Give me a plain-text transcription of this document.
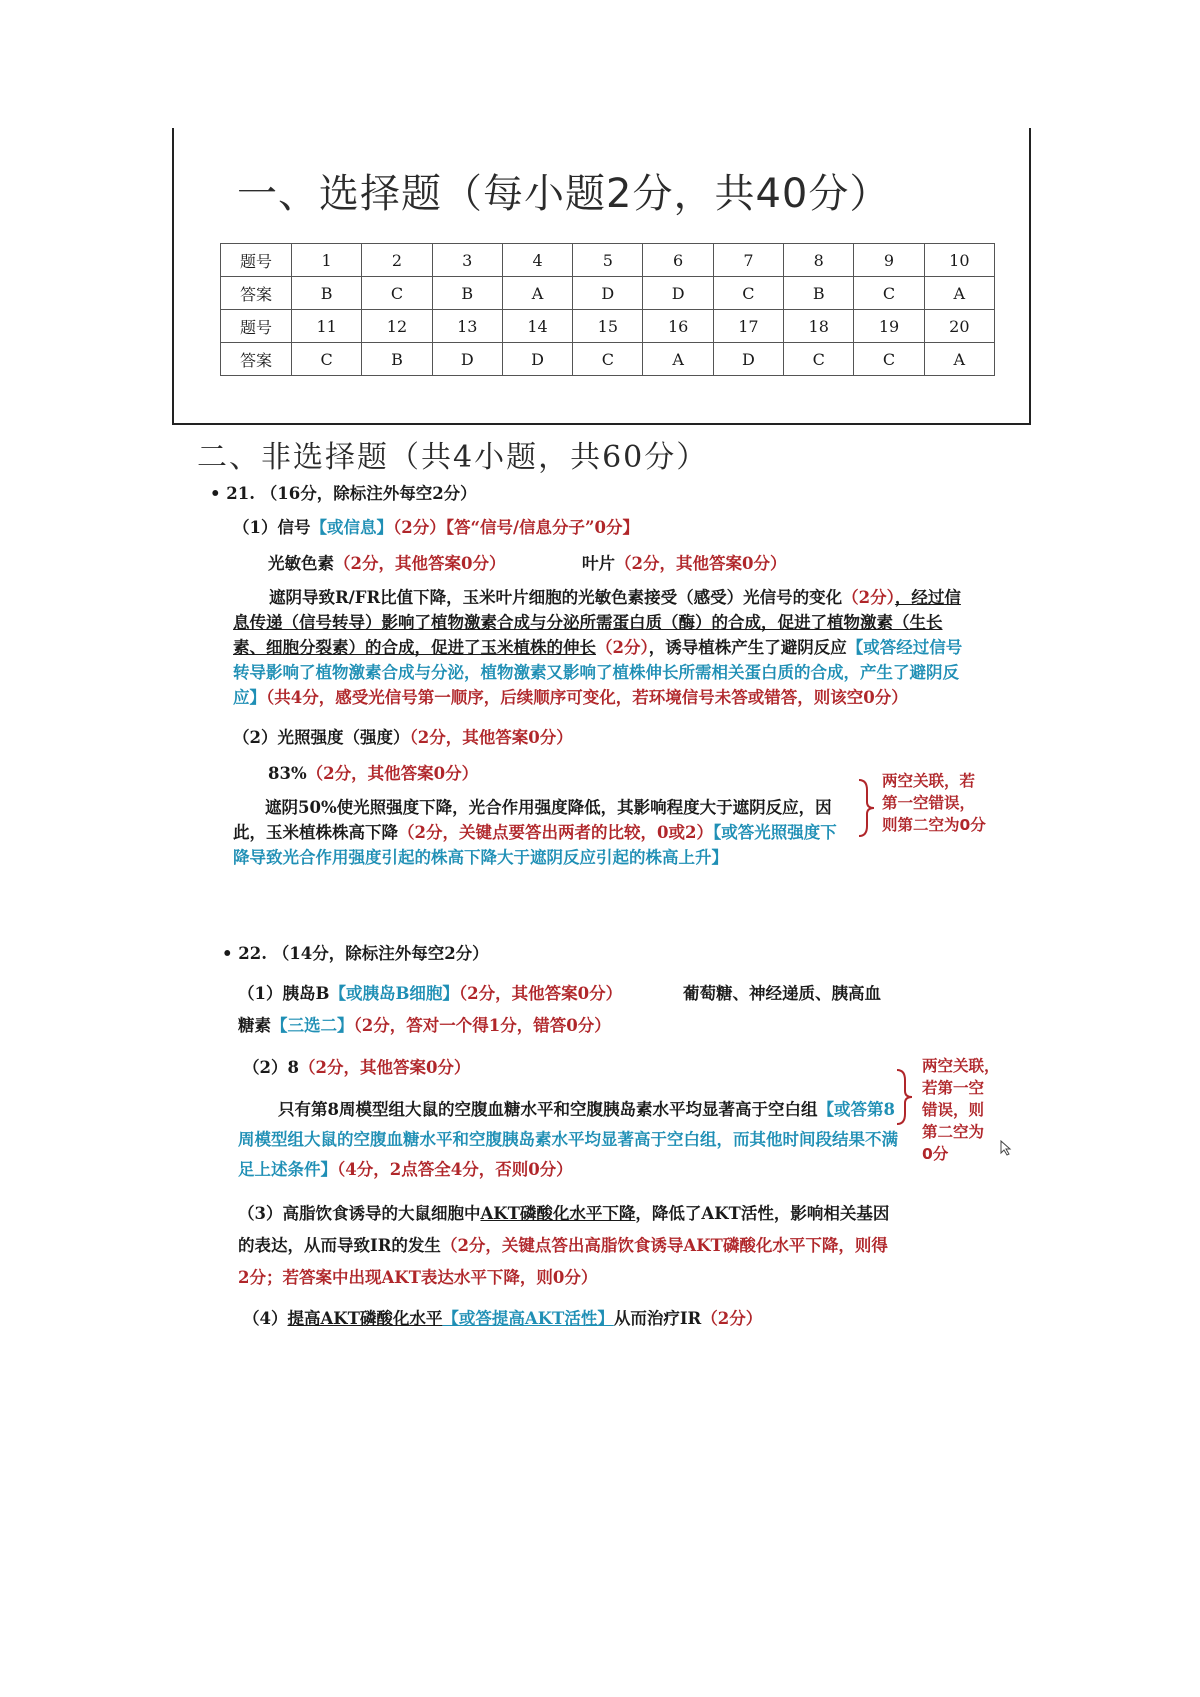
一、选择题（每小题2分，共40分）
题号	1	2	3	4	5	6	7	8	9	10
答案	B	C	B	A	D	D	C	B	C	A
题号	11	12	13	14	15	16	17	18	19	20
答案	C	B	D	D	C	A	D	C	C	A
二、非选择题（共4小题，共60分）
• 21. （16分，除标注外每空2分）
（1）信号【或信息】（2分）【答“信号/信息分子”0分】
光敏色素（2分，其他答案0分）	叶片（2分，其他答案0分）
遮阴导致R/FR比值下降，玉米叶片细胞的光敏色素接受（感受）光信号的变化（2分），经过信息传递（信号转导）影响了植物激素合成与分泌所需蛋白质（酶）的合成，促进了植物激素（生长素、细胞分裂素）的合成，促进了玉米植株的伸长（2分），诱导植株产生了避阴反应【或答经过信号转导影响了植物激素合成与分泌，植物激素又影响了植株伸长所需相关蛋白质的合成，产生了避阴反应】（共4分，感受光信号第一顺序，后续顺序可变化，若环境信号未答或错答，则该空0分）
（2）光照强度（强度）（2分，其他答案0分）
83%（2分，其他答案0分）
遮阴50%使光照强度下降，光合作用强度降低，其影响程度大于遮阴反应，因此，玉米植株株高下降（2分，关键点要答出两者的比较，0或2）【或答光照强度下降导致光合作用强度引起的株高下降大于遮阴反应引起的株高上升】
两空关联，若
第一空错误，
则第二空为0分
• 22. （14分，除标注外每空2分）
（1）胰岛B【或胰岛B细胞】（2分，其他答案0分）	葡萄糖、神经递质、胰高血
糖素【三选二】（2分，答对一个得1分，错答0分）
（2）8（2分，其他答案0分）
只有第8周模型组大鼠的空腹血糖水平和空腹胰岛素水平均显著高于空白组【或答第8周模型组大鼠的空腹血糖水平和空腹胰岛素水平均显著高于空白组，而其他时间段结果不满足上述条件】（4分，2点答全4分，否则0分）
两空关联，
若第一空
错误，则
第二空为
0分
（3）高脂饮食诱导的大鼠细胞中AKT磷酸化水平下降，降低了AKT活性，影响相关基因的表达，从而导致IR的发生（2分，关键点答出高脂饮食诱导AKT磷酸化水平下降，则得2分；若答案中出现AKT表达水平下降，则0分）
（4）提高AKT磷酸化水平【或答提高AKT活性】从而治疗IR（2分）
